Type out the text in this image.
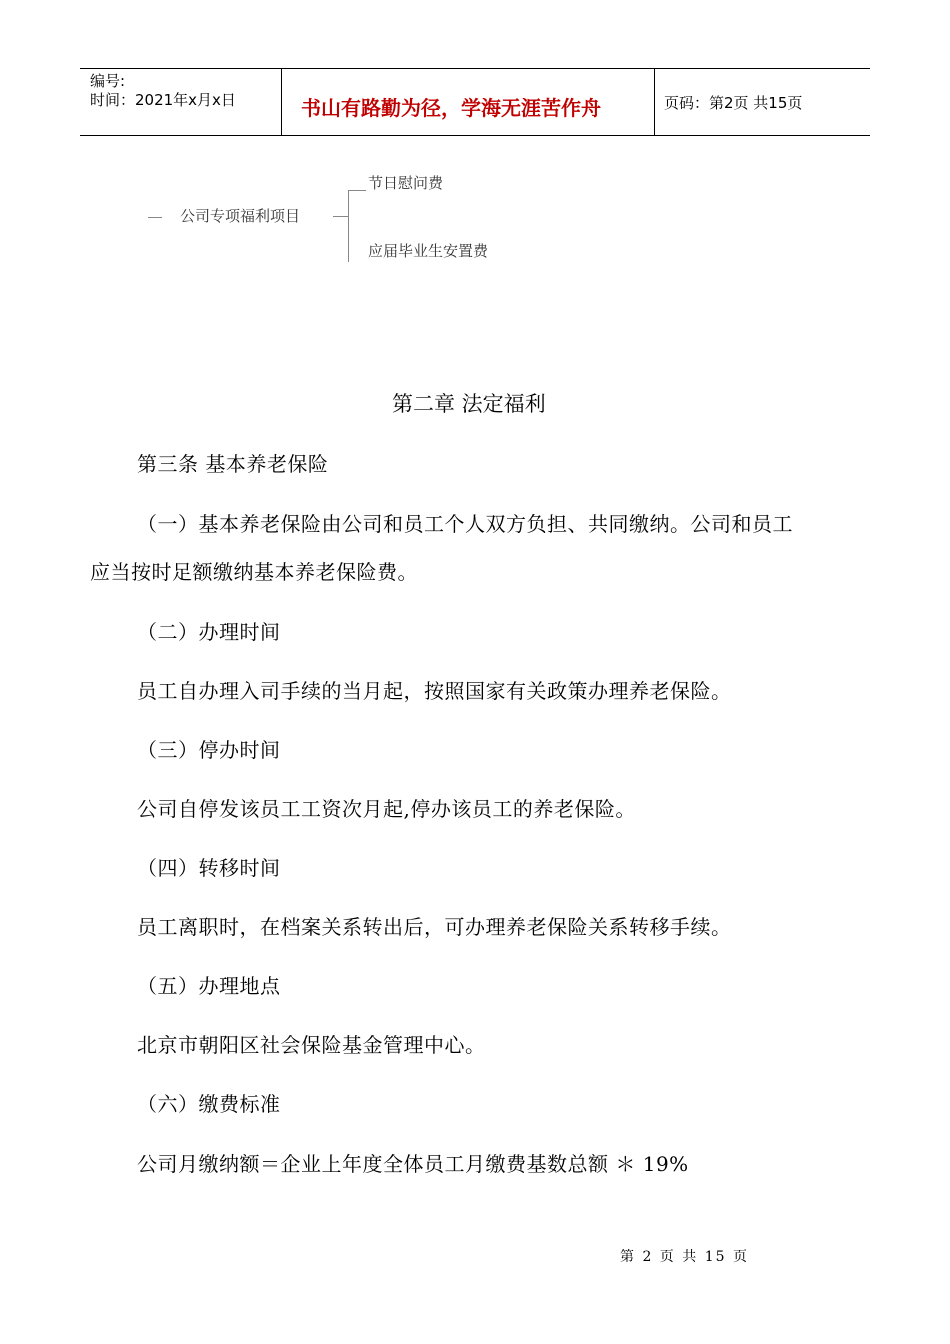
编号:
时间：2021年x月x日	书山有路勤为径，学海无涯苦作舟	页码：第2页 共15页
公司专项福利项目
节日慰问费
应届毕业生安置费
第二章 法定福利
第三条 基本养老保险
（一）基本养老保险由公司和员工个人双方负担、共同缴纳。公司和员工
应当按时足额缴纳基本养老保险费。
（二）办理时间
员工自办理入司手续的当月起，按照国家有关政策办理养老保险。
（三）停办时间
公司自停发该员工工资次月起,停办该员工的养老保险。
（四）转移时间
员工离职时，在档案关系转出后，可办理养老保险关系转移手续。
（五）办理地点
北京市朝阳区社会保险基金管理中心。
（六）缴费标准
公司月缴纳额＝企业上年度全体员工月缴费基数总额 ＊ 19%
第 2 页 共 15 页
